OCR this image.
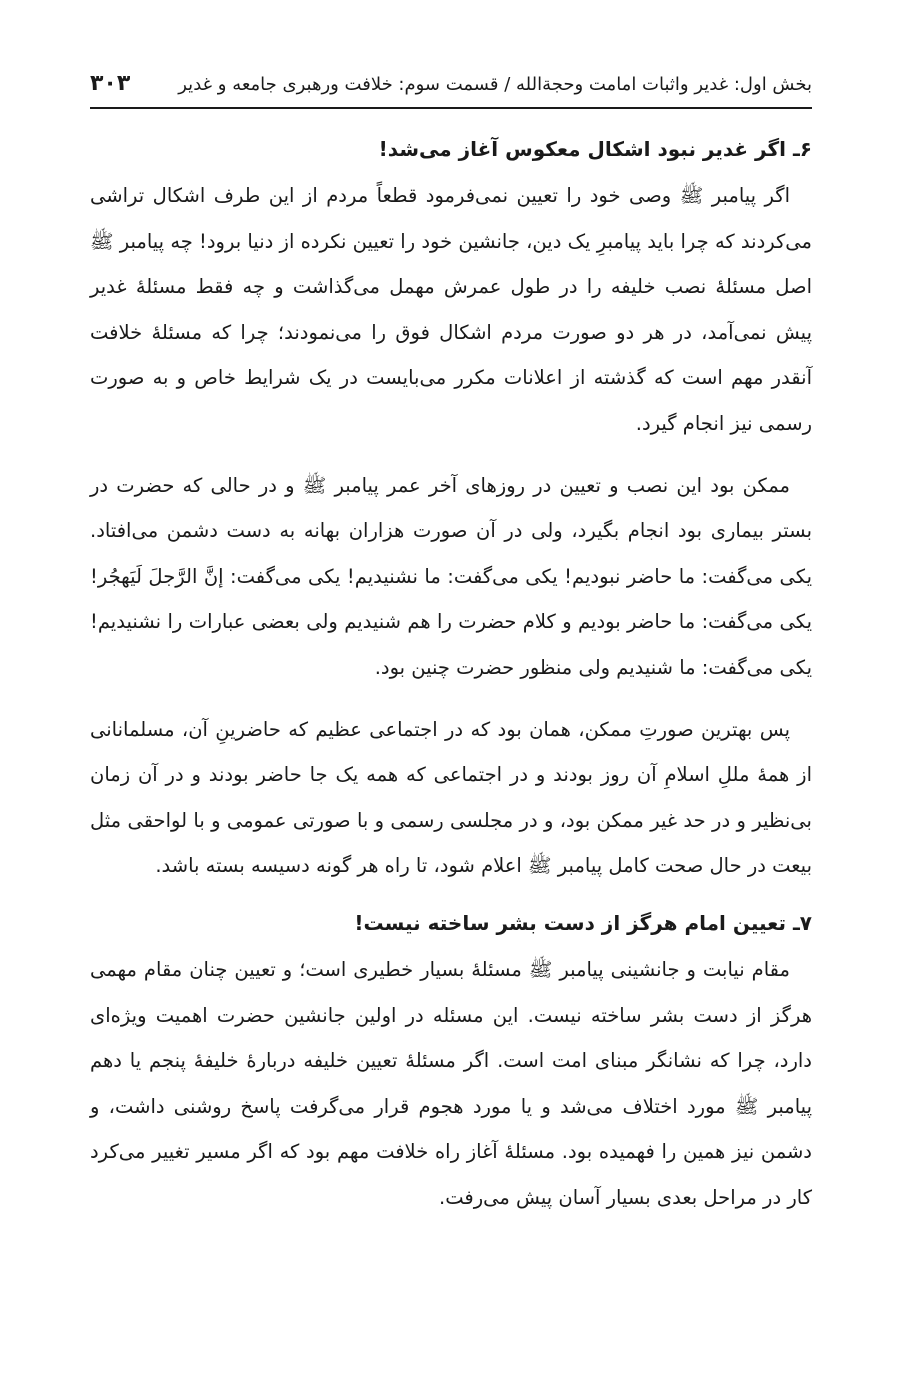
بخش اول: غدیر واثبات امامت وحجةالله / قسمت سوم: خلافت ورهبری جامعه و غدیر
۳۰۳
۶ـ اگر غدیر نبود اشکال معکوس آغاز می‌شد!

اگر پیامبر ﷺ وصی خود را تعیین نمی‌فرمود قطعاً مردم از این طرف اشکال تراشی می‌کردند که چرا باید پیامبرِ یک دین، جانشین خود را تعیین نکرده از دنیا برود! چه پیامبر ﷺ اصل مسئلهٔ نصب خلیفه را در طول عمرش مهمل می‌گذاشت و چه فقط مسئلهٔ غدیر پیش نمی‌آمد، در هر دو صورت مردم اشکال فوق را می‌نمودند؛ چرا که مسئلهٔ خلافت آنقدر مهم است که گذشته از اعلانات مکرر می‌بایست در یک شرایط خاص و به صورت رسمی نیز انجام گیرد.

ممکن بود این نصب و تعیین در روزهای آخر عمر پیامبر ﷺ و در حالی که حضرت در بستر بیماری بود انجام بگیرد، ولی در آن صورت هزاران بهانه به دست دشمن می‌افتاد. یکی می‌گفت: ما حاضر نبودیم! یکی می‌گفت: ما نشنیدیم! یکی می‌گفت: إنَّ الرَّجلَ لَیَهجُر! یکی می‌گفت: ما حاضر بودیم و کلام حضرت را هم شنیدیم ولی بعضی عبارات را نشنیدیم! یکی می‌گفت: ما شنیدیم ولی منظور حضرت چنین بود.

پس بهترین صورتِ ممکن، همان بود که در اجتماعی عظیم که حاضرینِ آن، مسلمانانی از همهٔ مللِ اسلامِ آن روز بودند و در اجتماعی که همه یک جا حاضر بودند و در آن زمان بی‌نظیر و در حد غیر ممکن بود، و در مجلسی رسمی و با صورتی عمومی و با لواحقی مثل بیعت در حال صحت کامل پیامبر ﷺ اعلام شود، تا راه هر گونه دسیسه بسته باشد.

۷ـ تعیین امام هرگز از دست بشر ساخته نیست!

مقام نیابت و جانشینی پیامبر ﷺ مسئلهٔ بسیار خطیری است؛ و تعیین چنان مقام مهمی هرگز از دست بشر ساخته نیست. این مسئله در اولین جانشین حضرت اهمیت ویژه‌ای دارد، چرا که نشانگر مبنای امت است. اگر مسئلهٔ تعیین خلیفه دربارهٔ خلیفهٔ پنجم یا دهم پیامبر ﷺ مورد اختلاف می‌شد و یا مورد هجوم قرار می‌گرفت پاسخ روشنی داشت، و دشمن نیز همین را فهمیده بود. مسئلهٔ آغاز راه خلافت مهم بود که اگر مسیر تغییر می‌کرد کار در مراحل بعدی بسیار آسان پیش می‌رفت.
